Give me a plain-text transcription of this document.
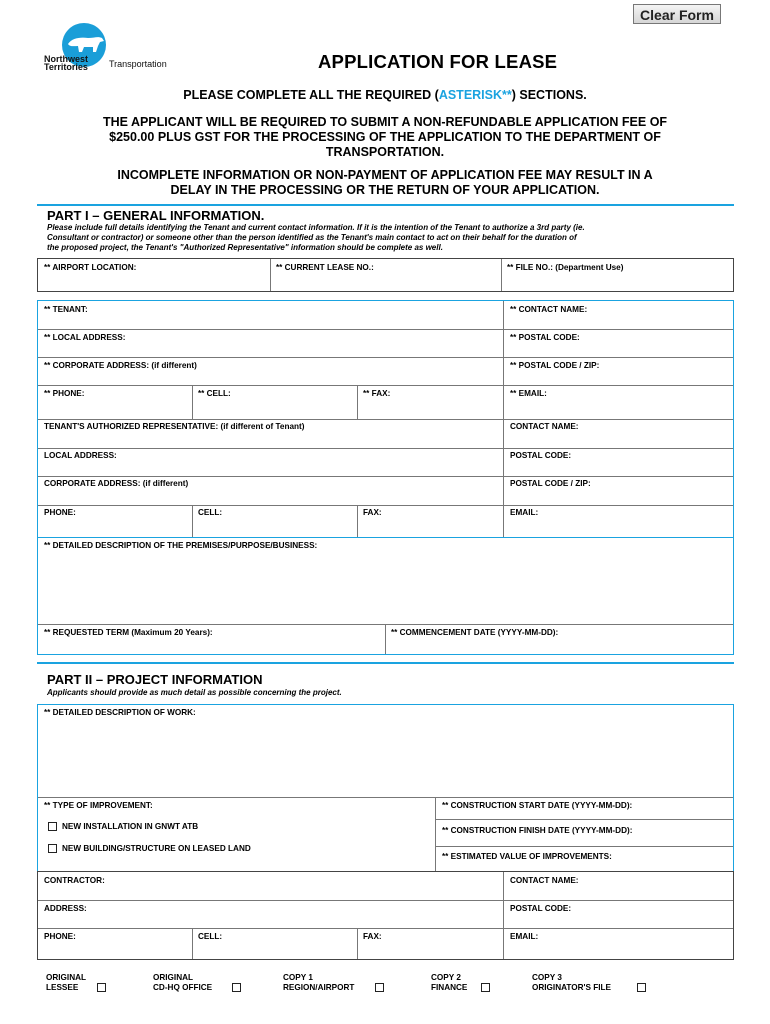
Clear Form
Northwest
Territories Transportation	APPLICATION FOR LEASE
PLEASE COMPLETE ALL THE REQUIRED (ASTERISK**) SECTIONS.
THE APPLICANT WILL BE REQUIRED TO SUBMIT A NON-REFUNDABLE APPLICATION FEE OF
$250.00 PLUS GST FOR THE PROCESSING OF THE APPLICATION TO THE DEPARTMENT OF
TRANSPORTATION.
INCOMPLETE INFORMATION OR NON-PAYMENT OF APPLICATION FEE MAY RESULT IN A
DELAY IN THE PROCESSING OR THE RETURN OF YOUR APPLICATION.
PART I – GENERAL INFORMATION.
Please include full details identifying the Tenant and current contact information. If it is the intention of the Tenant to authorize a 3rd party (ie.
Consultant or contractor) or someone other than the person identified as the Tenant's main contact to act on their behalf for the duration of
the proposed project, the Tenant's "Authorized Representative" information should be complete as well.
** AIRPORT LOCATION:	** CURRENT LEASE NO.:	** FILE NO.: (Department Use)
** TENANT:	** CONTACT NAME:
** LOCAL ADDRESS:	** POSTAL CODE:
** CORPORATE ADDRESS: (if different)	** POSTAL CODE / ZIP:
** PHONE:	** CELL:	** FAX:	** EMAIL:
TENANT'S AUTHORIZED REPRESENTATIVE: (if different of Tenant)	CONTACT NAME:
LOCAL ADDRESS:	POSTAL CODE:
CORPORATE ADDRESS: (if different)	POSTAL CODE / ZIP:
PHONE:	CELL:	FAX:	EMAIL:
** DETAILED DESCRIPTION OF THE PREMISES/PURPOSE/BUSINESS:
** REQUESTED TERM (Maximum 20 Years):	** COMMENCEMENT DATE (YYYY-MM-DD):
PART II – PROJECT INFORMATION
Applicants should provide as much detail as possible concerning the project.
** DETAILED DESCRIPTION OF WORK:
** TYPE OF IMPROVEMENT:
NEW INSTALLATION IN GNWT ATB
NEW BUILDING/STRUCTURE ON LEASED LAND
** CONSTRUCTION START DATE (YYYY-MM-DD):
** CONSTRUCTION FINISH DATE (YYYY-MM-DD):
** ESTIMATED VALUE OF IMPROVEMENTS:
CONTRACTOR:	CONTACT NAME:
ADDRESS:	POSTAL CODE:
PHONE:	CELL:	FAX:	EMAIL:
ORIGINAL
LESSEE
ORIGINAL
CD-HQ OFFICE
COPY 1
REGION/AIRPORT
COPY 2
FINANCE
COPY 3
ORIGINATOR'S FILE
